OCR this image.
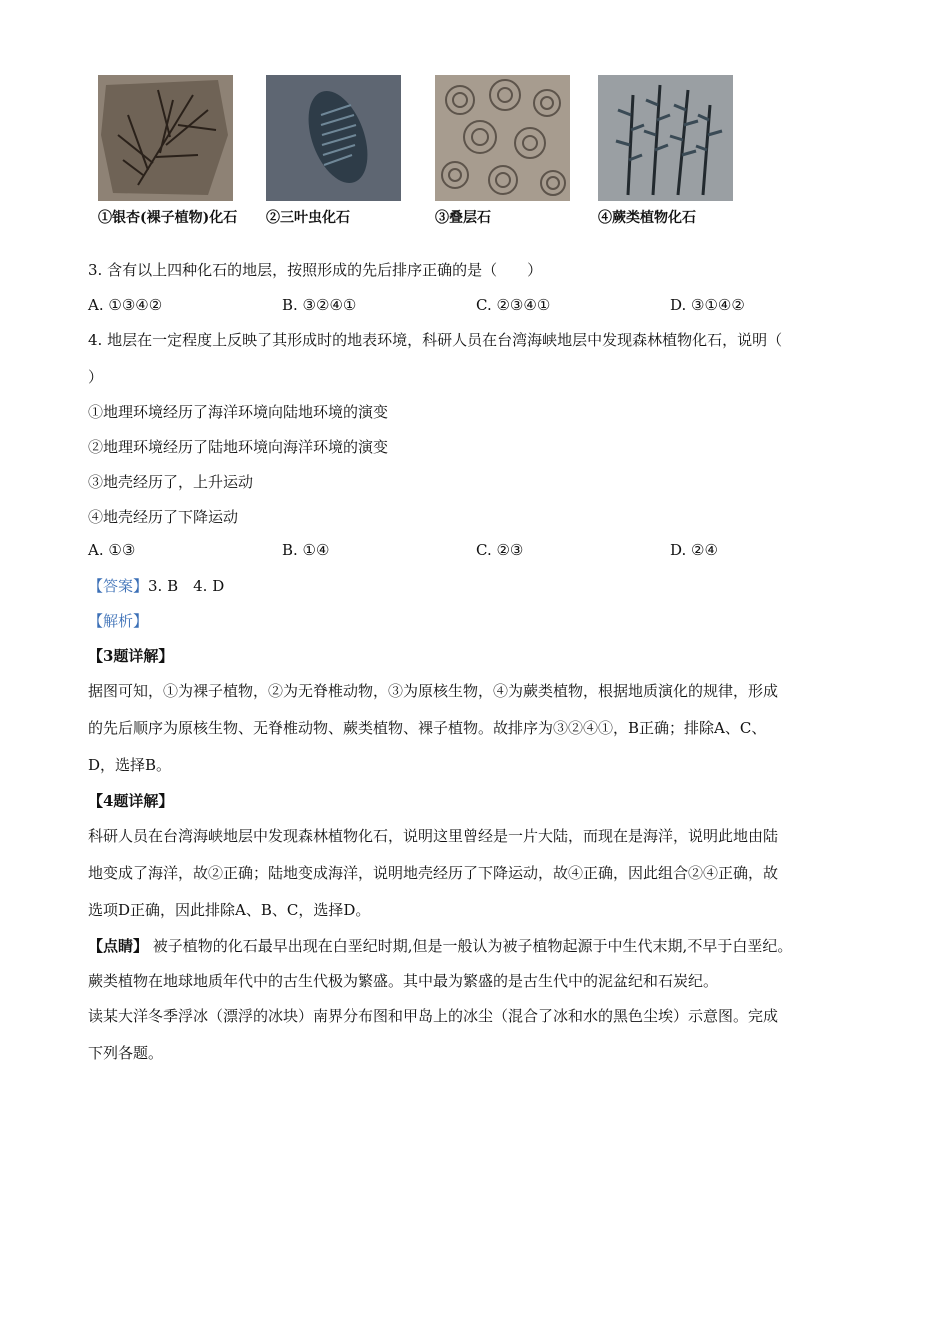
①银杏(裸子植物)化石 ②三叶虫化石	③叠层石	④蕨类植物化石
3. 含有以上四种化石的地层，按照形成的先后排序正确的是（　　）
A. ①③④②	B. ③②④①	C. ②③④①	D. ③①④②
4. 地层在一定程度上反映了其形成时的地表环境，科研人员在台湾海峡地层中发现森林植物化石，说明（
）
①地理环境经历了海洋环境向陆地环境的演变
②地理环境经历了陆地环境向海洋环境的演变
③地壳经历了，上升运动
④地壳经历了下降运动
A. ①③	B. ①④	C. ②③	D. ②④
【答案】3. B　4. D
【解析】
【3题详解】
据图可知，①为裸子植物，②为无脊椎动物，③为原核生物，④为蕨类植物，根据地质演化的规律，形成
的先后顺序为原核生物、无脊椎动物、蕨类植物、裸子植物。故排序为③②④①，B正确；排除A、C、
D，选择B。
【4题详解】
科研人员在台湾海峡地层中发现森林植物化石，说明这里曾经是一片大陆，而现在是海洋，说明此地由陆
地变成了海洋，故②正确；陆地变成海洋，说明地壳经历了下降运动，故④正确，因此组合②④正确，故
选项D正确，因此排除A、B、C，选择D。
【点睛】 被子植物的化石最早出现在白垩纪时期,但是一般认为被子植物起源于中生代末期,不早于白垩纪。
蕨类植物在地球地质年代中的古生代极为繁盛。其中最为繁盛的是古生代中的泥盆纪和石炭纪。
读某大洋冬季浮冰（漂浮的冰块）南界分布图和甲岛上的冰尘（混合了冰和水的黑色尘埃）示意图。完成
下列各题。
